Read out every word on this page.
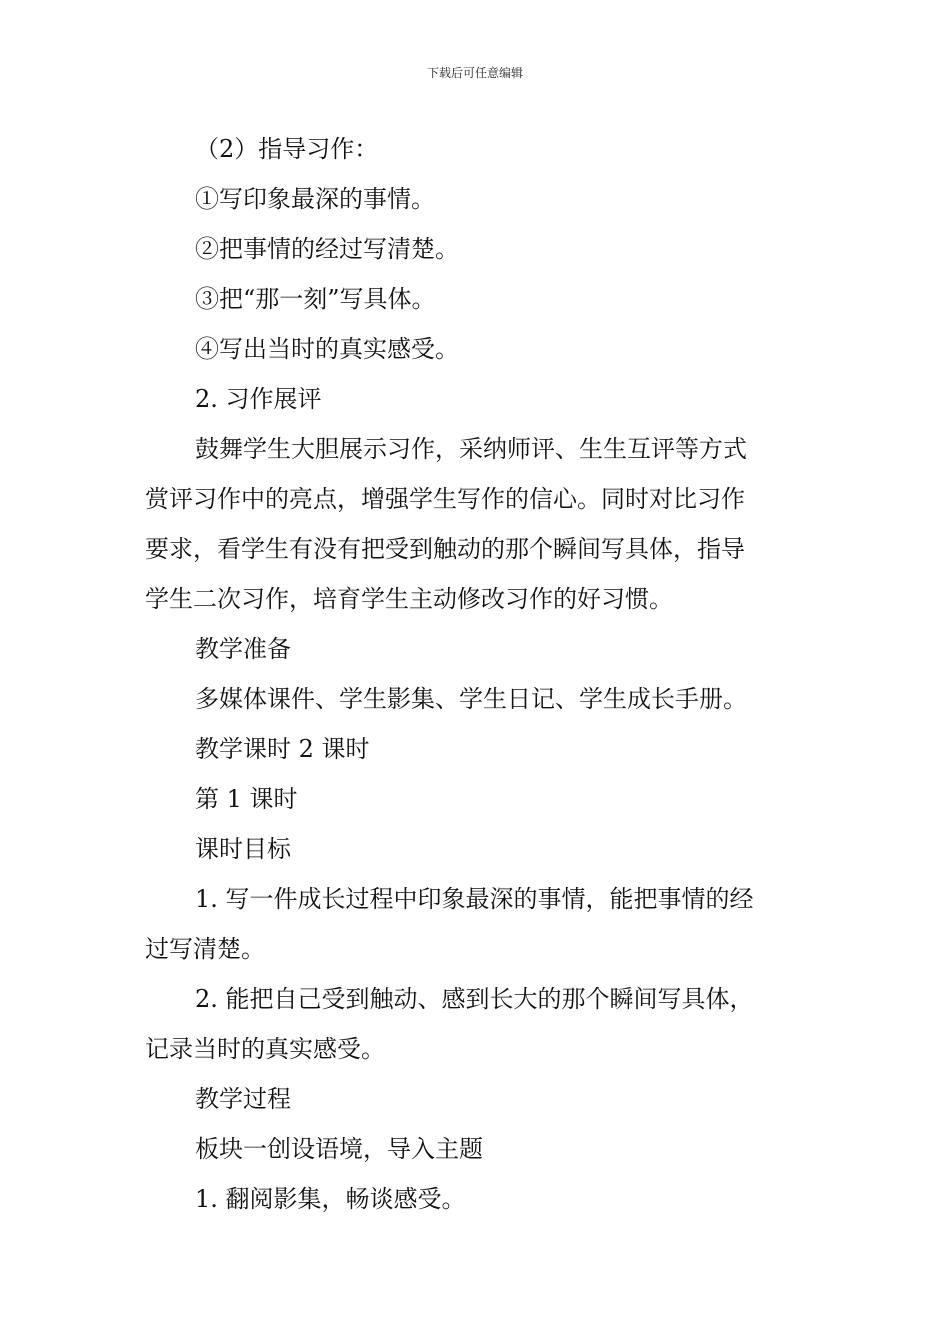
下载后可任意编辑
（2）指导习作：
①写印象最深的事情。
②把事情的经过写清楚。
③把“那一刻”写具体。
④写出当时的真实感受。
2. 习作展评
鼓舞学生大胆展示习作，采纳师评、生生互评等方式
赏评习作中的亮点，增强学生写作的信心。同时对比习作
要求，看学生有没有把受到触动的那个瞬间写具体，指导
学生二次习作，培育学生主动修改习作的好习惯。
教学准备
多媒体课件、学生影集、学生日记、学生成长手册。
教学课时 2 课时
第 1 课时
课时目标
1. 写一件成长过程中印象最深的事情，能把事情的经
过写清楚。
2. 能把自己受到触动、感到长大的那个瞬间写具体，
记录当时的真实感受。
教学过程
板块一创设语境，导入主题
1. 翻阅影集，畅谈感受。
